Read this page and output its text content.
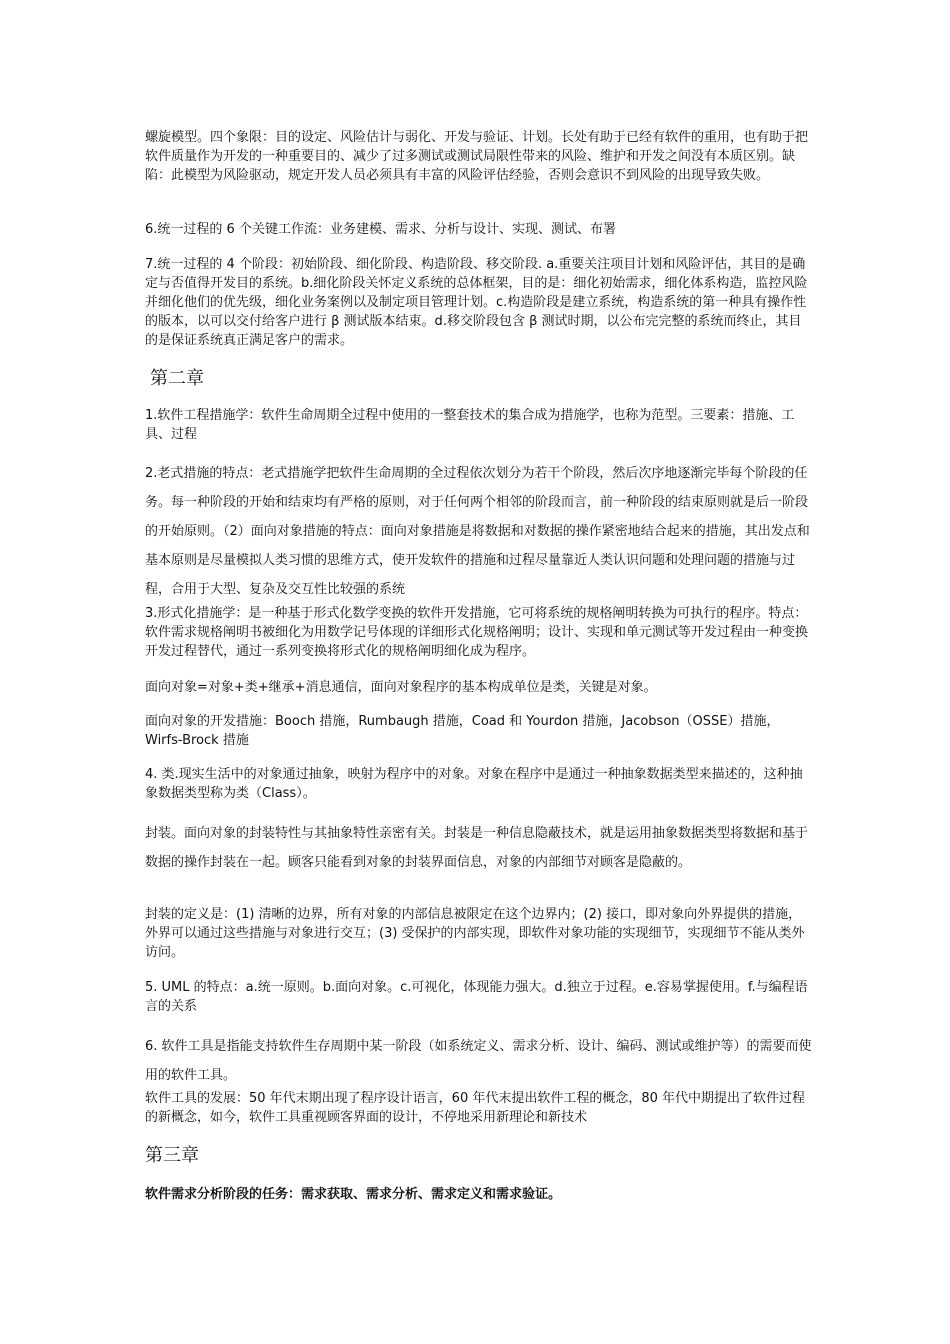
螺旋模型。四个象限：目的设定、风险估计与弱化、开发与验证、计划。长处有助于已经有软件的重用，也有助于把软件质量作为开发的一种重要目的、减少了过多测试或测试局限性带来的风险、维护和开发之间没有本质区别。缺陷：此模型为风险驱动，规定开发人员必须具有丰富的风险评估经验，否则会意识不到风险的出现导致失败。

6.统一过程的 6 个关键工作流：业务建模、需求、分析与设计、实现、测试、布署

7.统一过程的 4 个阶段：初始阶段、细化阶段、构造阶段、移交阶段. a.重要关注项目计划和风险评估，其目的是确定与否值得开发目的系统。b.细化阶段关怀定义系统的总体框架，目的是：细化初始需求，细化体系构造，监控风险并细化他们的优先级，细化业务案例以及制定项目管理计划。c.构造阶段是建立系统，构造系统的第一种具有操作性的版本，以可以交付给客户进行 β 测试版本结束。d.移交阶段包含 β 测试时期，以公布完完整的系统而终止，其目的是保证系统真正满足客户的需求。

第二章

1.软件工程措施学：软件生命周期全过程中使用的一整套技术的集合成为措施学，也称为范型。三要素：措施、工具、过程

2.老式措施的特点：老式措施学把软件生命周期的全过程依次划分为若干个阶段，然后次序地逐渐完毕每个阶段的任务。每一种阶段的开始和结束均有严格的原则，对于任何两个相邻的阶段而言，前一种阶段的结束原则就是后一阶段的开始原则。（2）面向对象措施的特点：面向对象措施是将数据和对数据的操作紧密地结合起来的措施，其出发点和基本原则是尽量模拟人类习惯的思维方式，使开发软件的措施和过程尽量靠近人类认识问题和处理问题的措施与过程，合用于大型、复杂及交互性比较强的系统

3.形式化措施学：是一种基于形式化数学变换的软件开发措施，它可将系统的规格阐明转换为可执行的程序。特点：软件需求规格阐明书被细化为用数学记号体现的详细形式化规格阐明；设计、实现和单元测试等开发过程由一种变换开发过程替代，通过一系列变换将形式化的规格阐明细化成为程序。

面向对象=对象+类+继承+消息通信，面向对象程序的基本构成单位是类，关键是对象。

面向对象的开发措施：Booch 措施，Rumbaugh 措施，Coad 和 Yourdon 措施，Jacobson（OSSE）措施，Wirfs-Brock 措施

4. 类.现实生活中的对象通过抽象，映射为程序中的对象。对象在程序中是通过一种抽象数据类型来描述的，这种抽象数据类型称为类（Class）。

封装。面向对象的封装特性与其抽象特性亲密有关。封装是一种信息隐蔽技术，就是运用抽象数据类型将数据和基于数据的操作封装在一起。顾客只能看到对象的封装界面信息，对象的内部细节对顾客是隐蔽的。

封装的定义是：(1) 清晰的边界，所有对象的内部信息被限定在这个边界内；(2) 接口，即对象向外界提供的措施，外界可以通过这些措施与对象进行交互；(3) 受保护的内部实现，即软件对象功能的实现细节，实现细节不能从类外访问。

5. UML 的特点：a.统一原则。b.面向对象。c.可视化，体现能力强大。d.独立于过程。e.容易掌握使用。f.与编程语言的关系

6. 软件工具是指能支持软件生存周期中某一阶段（如系统定义、需求分析、设计、编码、测试或维护等）的需要而使用的软件工具。

软件工具的发展：50 年代末期出现了程序设计语言，60 年代末提出软件工程的概念，80 年代中期提出了软件过程的新概念，如今，软件工具重视顾客界面的设计，不停地采用新理论和新技术

第三章

软件需求分析阶段的任务：需求获取、需求分析、需求定义和需求验证。
